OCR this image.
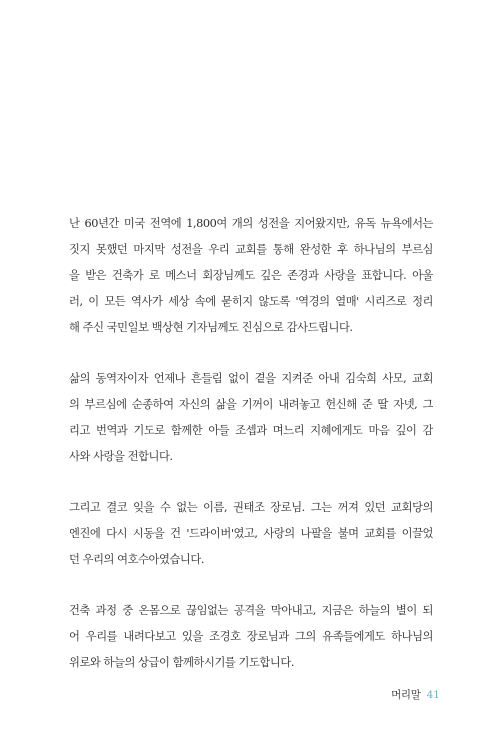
난 60년간 미국 전역에 1,800여 개의 성전을 지어왔지만, 유독 뉴욕에서는
짓지 못했던 마지막 성전을 우리 교회를 통해 완성한 후 하나님의 부르심
을 받은 건축가 로 메스너 회장님께도 깊은 존경과 사랑을 표합니다. 아울
러, 이 모든 역사가 세상 속에 묻히지 않도록 '역경의 열매' 시리즈로 정리
해 주신 국민일보 백상현 기자님께도 진심으로 감사드립니다.

삶의 동역자이자 언제나 흔들림 없이 곁을 지켜준 아내 김숙희 사모, 교회
의 부르심에 순종하여 자신의 삶을 기꺼이 내려놓고 헌신해 준 딸 자넷, 그
리고 번역과 기도로 함께한 아들 조셉과 며느리 지혜에게도 마음 깊이 감
사와 사랑을 전합니다.

그리고 결코 잊을 수 없는 이름, 권태조 장로님. 그는 꺼져 있던 교회당의
엔진에 다시 시동을 건 '드라이버'였고, 사랑의 나팔을 불며 교회를 이끌었
던 우리의 여호수아였습니다.

건축 과정 중 온몸으로 끊임없는 공격을 막아내고, 지금은 하늘의 별이 되
어 우리를 내려다보고 있을 조경호 장로님과 그의 유족들에게도 하나님의
위로와 하늘의 상급이 함께하시기를 기도합니다.

머리말 41
